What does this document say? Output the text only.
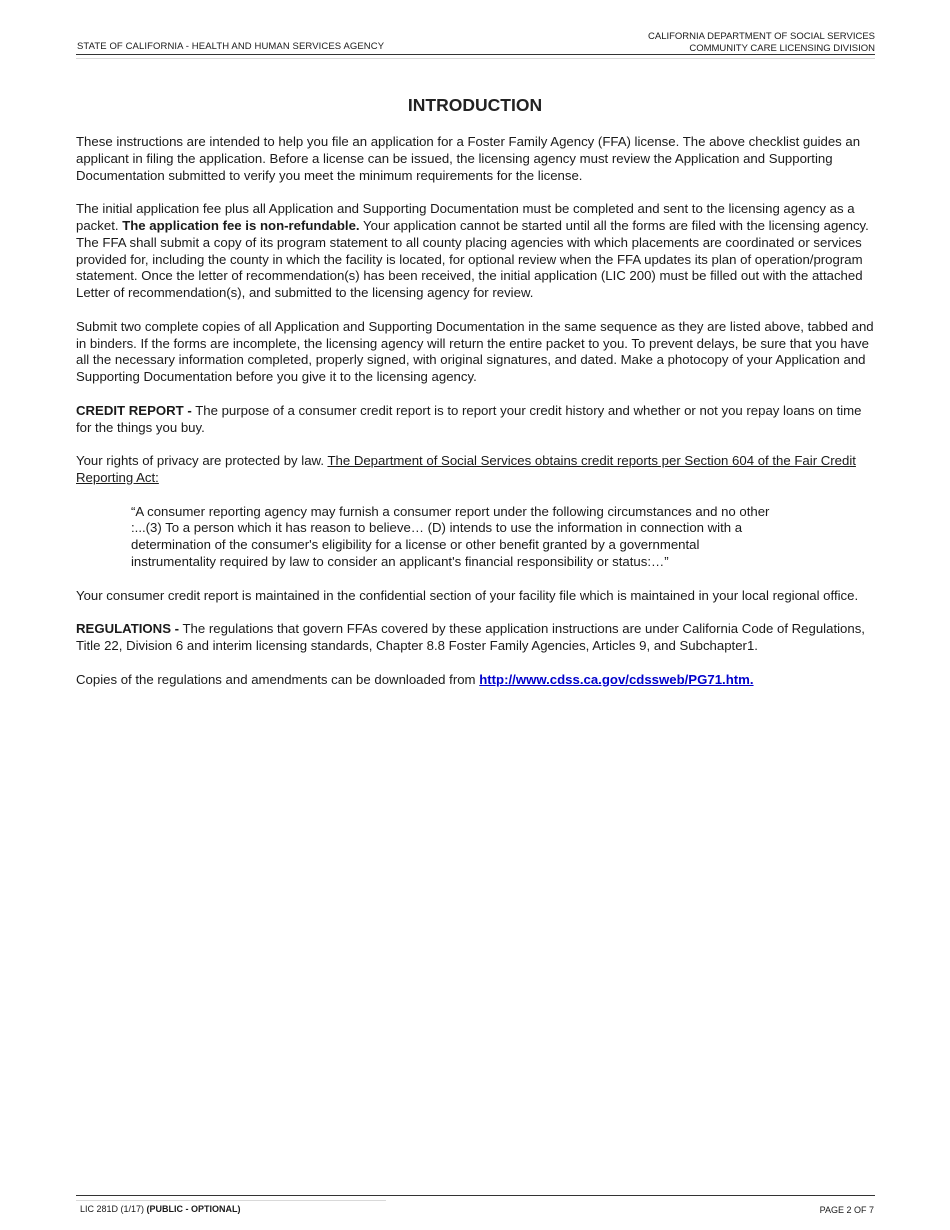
STATE OF CALIFORNIA - HEALTH AND HUMAN SERVICES AGENCY
CALIFORNIA DEPARTMENT OF SOCIAL SERVICES
COMMUNITY CARE LICENSING DIVISION
INTRODUCTION

These instructions are intended to help you file an application for a Foster Family Agency (FFA) license. The above checklist guides an applicant in filing the application. Before a license can be issued, the licensing agency must review the Application and Supporting Documentation submitted to verify you meet the minimum requirements for the license.

The initial application fee plus all Application and Supporting Documentation must be completed and sent to the licensing agency as a packet. The application fee is non-refundable. Your application cannot be started until all the forms are filed with the licensing agency. The FFA shall submit a copy of its program statement to all county placing agencies with which placements are coordinated or services provided for, including the county in which the facility is located, for optional review when the FFA updates its plan of operation/program statement. Once the letter of recommendation(s) has been received, the initial application (LIC 200) must be filled out with the attached Letter of recommendation(s), and submitted to the licensing agency for review.

Submit two complete copies of all Application and Supporting Documentation in the same sequence as they are listed above, tabbed and in binders. If the forms are incomplete, the licensing agency will return the entire packet to you. To prevent delays, be sure that you have all the necessary information completed, properly signed, with original signatures, and dated. Make a photocopy of your Application and Supporting Documentation before you give it to the licensing agency.

CREDIT REPORT - The purpose of a consumer credit report is to report your credit history and whether or not you repay loans on time for the things you buy.

Your rights of privacy are protected by law. The Department of Social Services obtains credit reports per Section 604 of the Fair Credit Reporting Act:

“A consumer reporting agency may furnish a consumer report under the following circumstances and no other :...(3) To a person which it has reason to believe… (D) intends to use the information in connection with a determination of the consumer's eligibility for a license or other benefit granted by a governmental instrumentality required by law to consider an applicant's financial responsibility or status:…”

Your consumer credit report is maintained in the confidential section of your facility file which is maintained in your local regional office.

REGULATIONS - The regulations that govern FFAs covered by these application instructions are under California Code of Regulations, Title 22, Division 6 and interim licensing standards, Chapter 8.8 Foster Family Agencies, Articles 9, and Subchapter1.

Copies of the regulations and amendments can be downloaded from http://www.cdss.ca.gov/cdssweb/PG71.htm.

LIC 281D (1/17) (PUBLIC - OPTIONAL)	PAGE 2 OF 7
